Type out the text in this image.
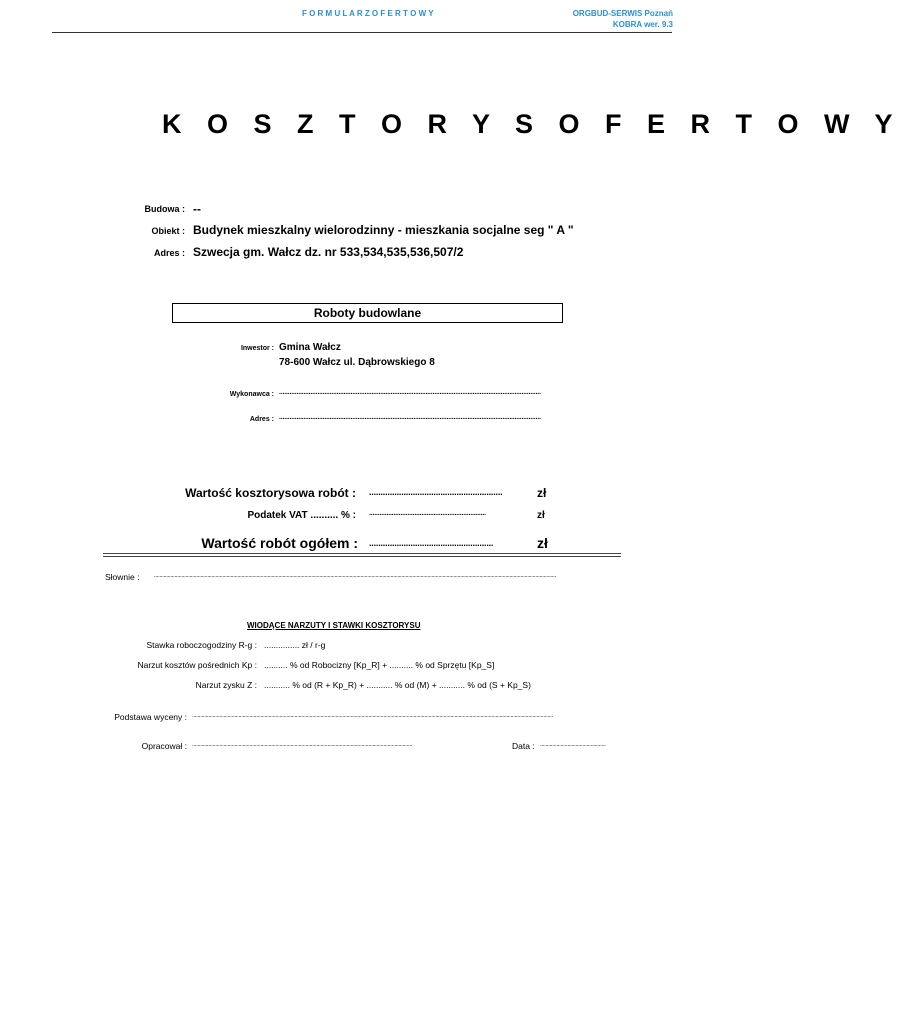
F O R M U L A R Z O F E R T O W Y	ORGBUD-SERWIS Poznań
KOBRA wer. 9.3
K O S Z T O R Y S O F E R T O W Y
Budowa : --
Obiekt : Budynek mieszkalny wielorodzinny - mieszkania socjalne seg " A "
Adres : Szwecja gm. Wałcz dz. nr 533,534,535,536,507/2
Roboty budowlane
Inwestor : Gmina Wałcz
78-600 Wałcz ul. Dąbrowskiego 8
Wykonawca : ......................................................................................................................................................
Adres : ......................................................................................................................................................
Wartość kosztorysowa robót : ..........................................................	zł
Podatek VAT .......... % : ...................................................................	zł
Wartość robót ogółem : ......................................................	zł
Słownie : ......................................................................................................................................................................................................................................................................................................
WIODĄCE NARZUTY I STAWKI KOSZTORYSU
Stawka roboczogodziny R-g : ............... zł / r-g
Narzut kosztów pośrednich Kp : .......... % od Robocizny [Kp_R] + .......... % od Sprzętu [Kp_S]
Narzut zysku Z : ........... % od (R + Kp_R) + ........... % od (M) + ........... % od (S + Kp_S)
Podstawa wyceny : ........................................................................................................................................................................................................................................................................
Opracował : .................................................................................................................................................................	Data : ................................................
